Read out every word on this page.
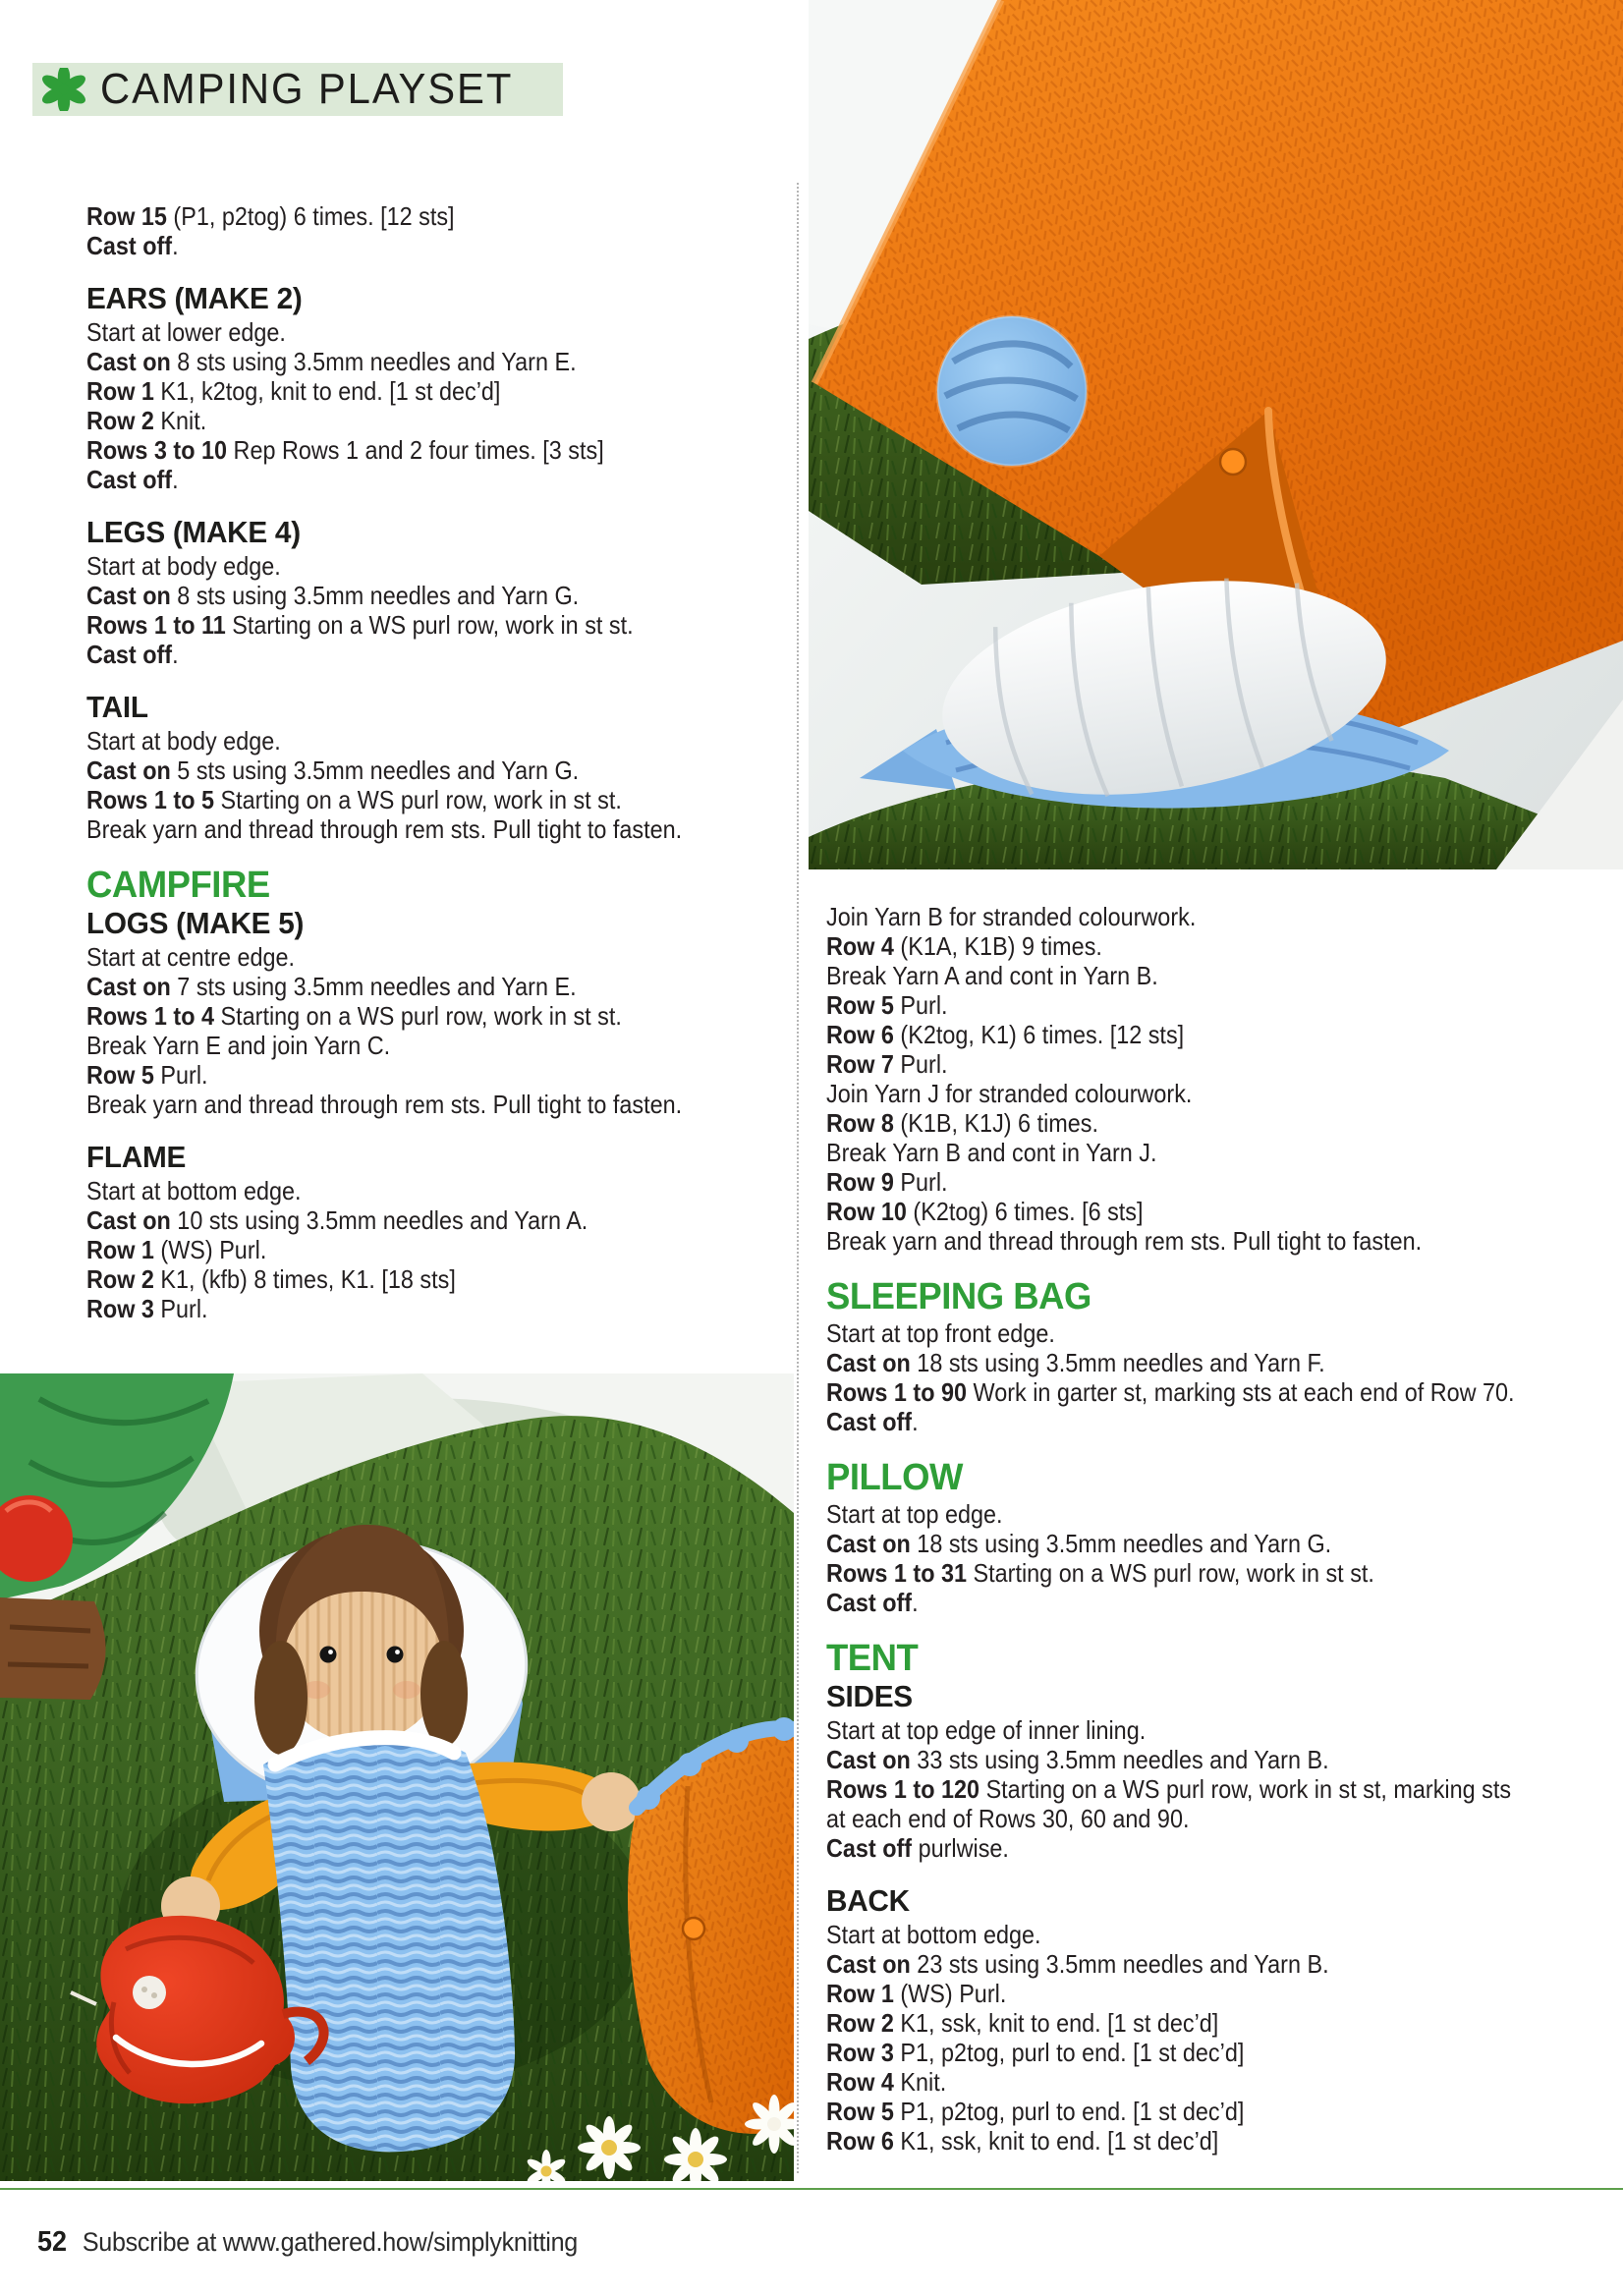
CAMPING PLAYSET

Row 15 (P1, p2tog) 6 times. [12 sts]

Cast off.

EARS (MAKE 2)

Start at lower edge.

Cast on 8 sts using 3.5mm needles and Yarn E.

Row 1 K1, k2tog, knit to end. [1 st dec’d]

Row 2 Knit.

Rows 3 to 10 Rep Rows 1 and 2 four times. [3 sts]

Cast off.

LEGS (MAKE 4)

Start at body edge.

Cast on 8 sts using 3.5mm needles and Yarn G.

Rows 1 to 11 Starting on a WS purl row, work in st st.

Cast off.

TAIL

Start at body edge.

Cast on 5 sts using 3.5mm needles and Yarn G.

Rows 1 to 5 Starting on a WS purl row, work in st st.

Break yarn and thread through rem sts. Pull tight to fasten.

CAMPFIRE
LOGS (MAKE 5)

Start at centre edge.

Cast on 7 sts using 3.5mm needles and Yarn E.

Rows 1 to 4 Starting on a WS purl row, work in st st.

Break Yarn E and join Yarn C.

Row 5 Purl.

Break yarn and thread through rem sts. Pull tight to fasten.

FLAME

Start at bottom edge.

Cast on 10 sts using 3.5mm needles and Yarn A.

Row 1 (WS) Purl.

Row 2 K1, (kfb) 8 times, K1. [18 sts]

Row 3 Purl.

Join Yarn B for stranded colourwork.

Row 4 (K1A, K1B) 9 times.

Break Yarn A and cont in Yarn B.

Row 5 Purl.

Row 6 (K2tog, K1) 6 times. [12 sts]

Row 7 Purl.

Join Yarn J for stranded colourwork.

Row 8 (K1B, K1J) 6 times.

Break Yarn B and cont in Yarn J.

Row 9 Purl.

Row 10 (K2tog) 6 times. [6 sts]

Break yarn and thread through rem sts. Pull tight to fasten.

SLEEPING BAG

Start at top front edge.

Cast on 18 sts using 3.5mm needles and Yarn F.

Rows 1 to 90 Work in garter st, marking sts at each end of Row 70.

Cast off.

PILLOW

Start at top edge.

Cast on 18 sts using 3.5mm needles and Yarn G.

Rows 1 to 31 Starting on a WS purl row, work in st st.

Cast off.

TENT
SIDES

Start at top edge of inner lining.

Cast on 33 sts using 3.5mm needles and Yarn B.

Rows 1 to 120 Starting on a WS purl row, work in st st, marking sts

at each end of Rows 30, 60 and 90.

Cast off purlwise.

BACK

Start at bottom edge.

Cast on 23 sts using 3.5mm needles and Yarn B.

Row 1 (WS) Purl.

Row 2 K1, ssk, knit to end. [1 st dec’d]

Row 3 P1, p2tog, purl to end. [1 st dec’d]

Row 4 Knit.

Row 5 P1, p2tog, purl to end. [1 st dec’d]

Row 6 K1, ssk, knit to end. [1 st dec’d]

52 Subscribe at www.gathered.how/simplyknitting
